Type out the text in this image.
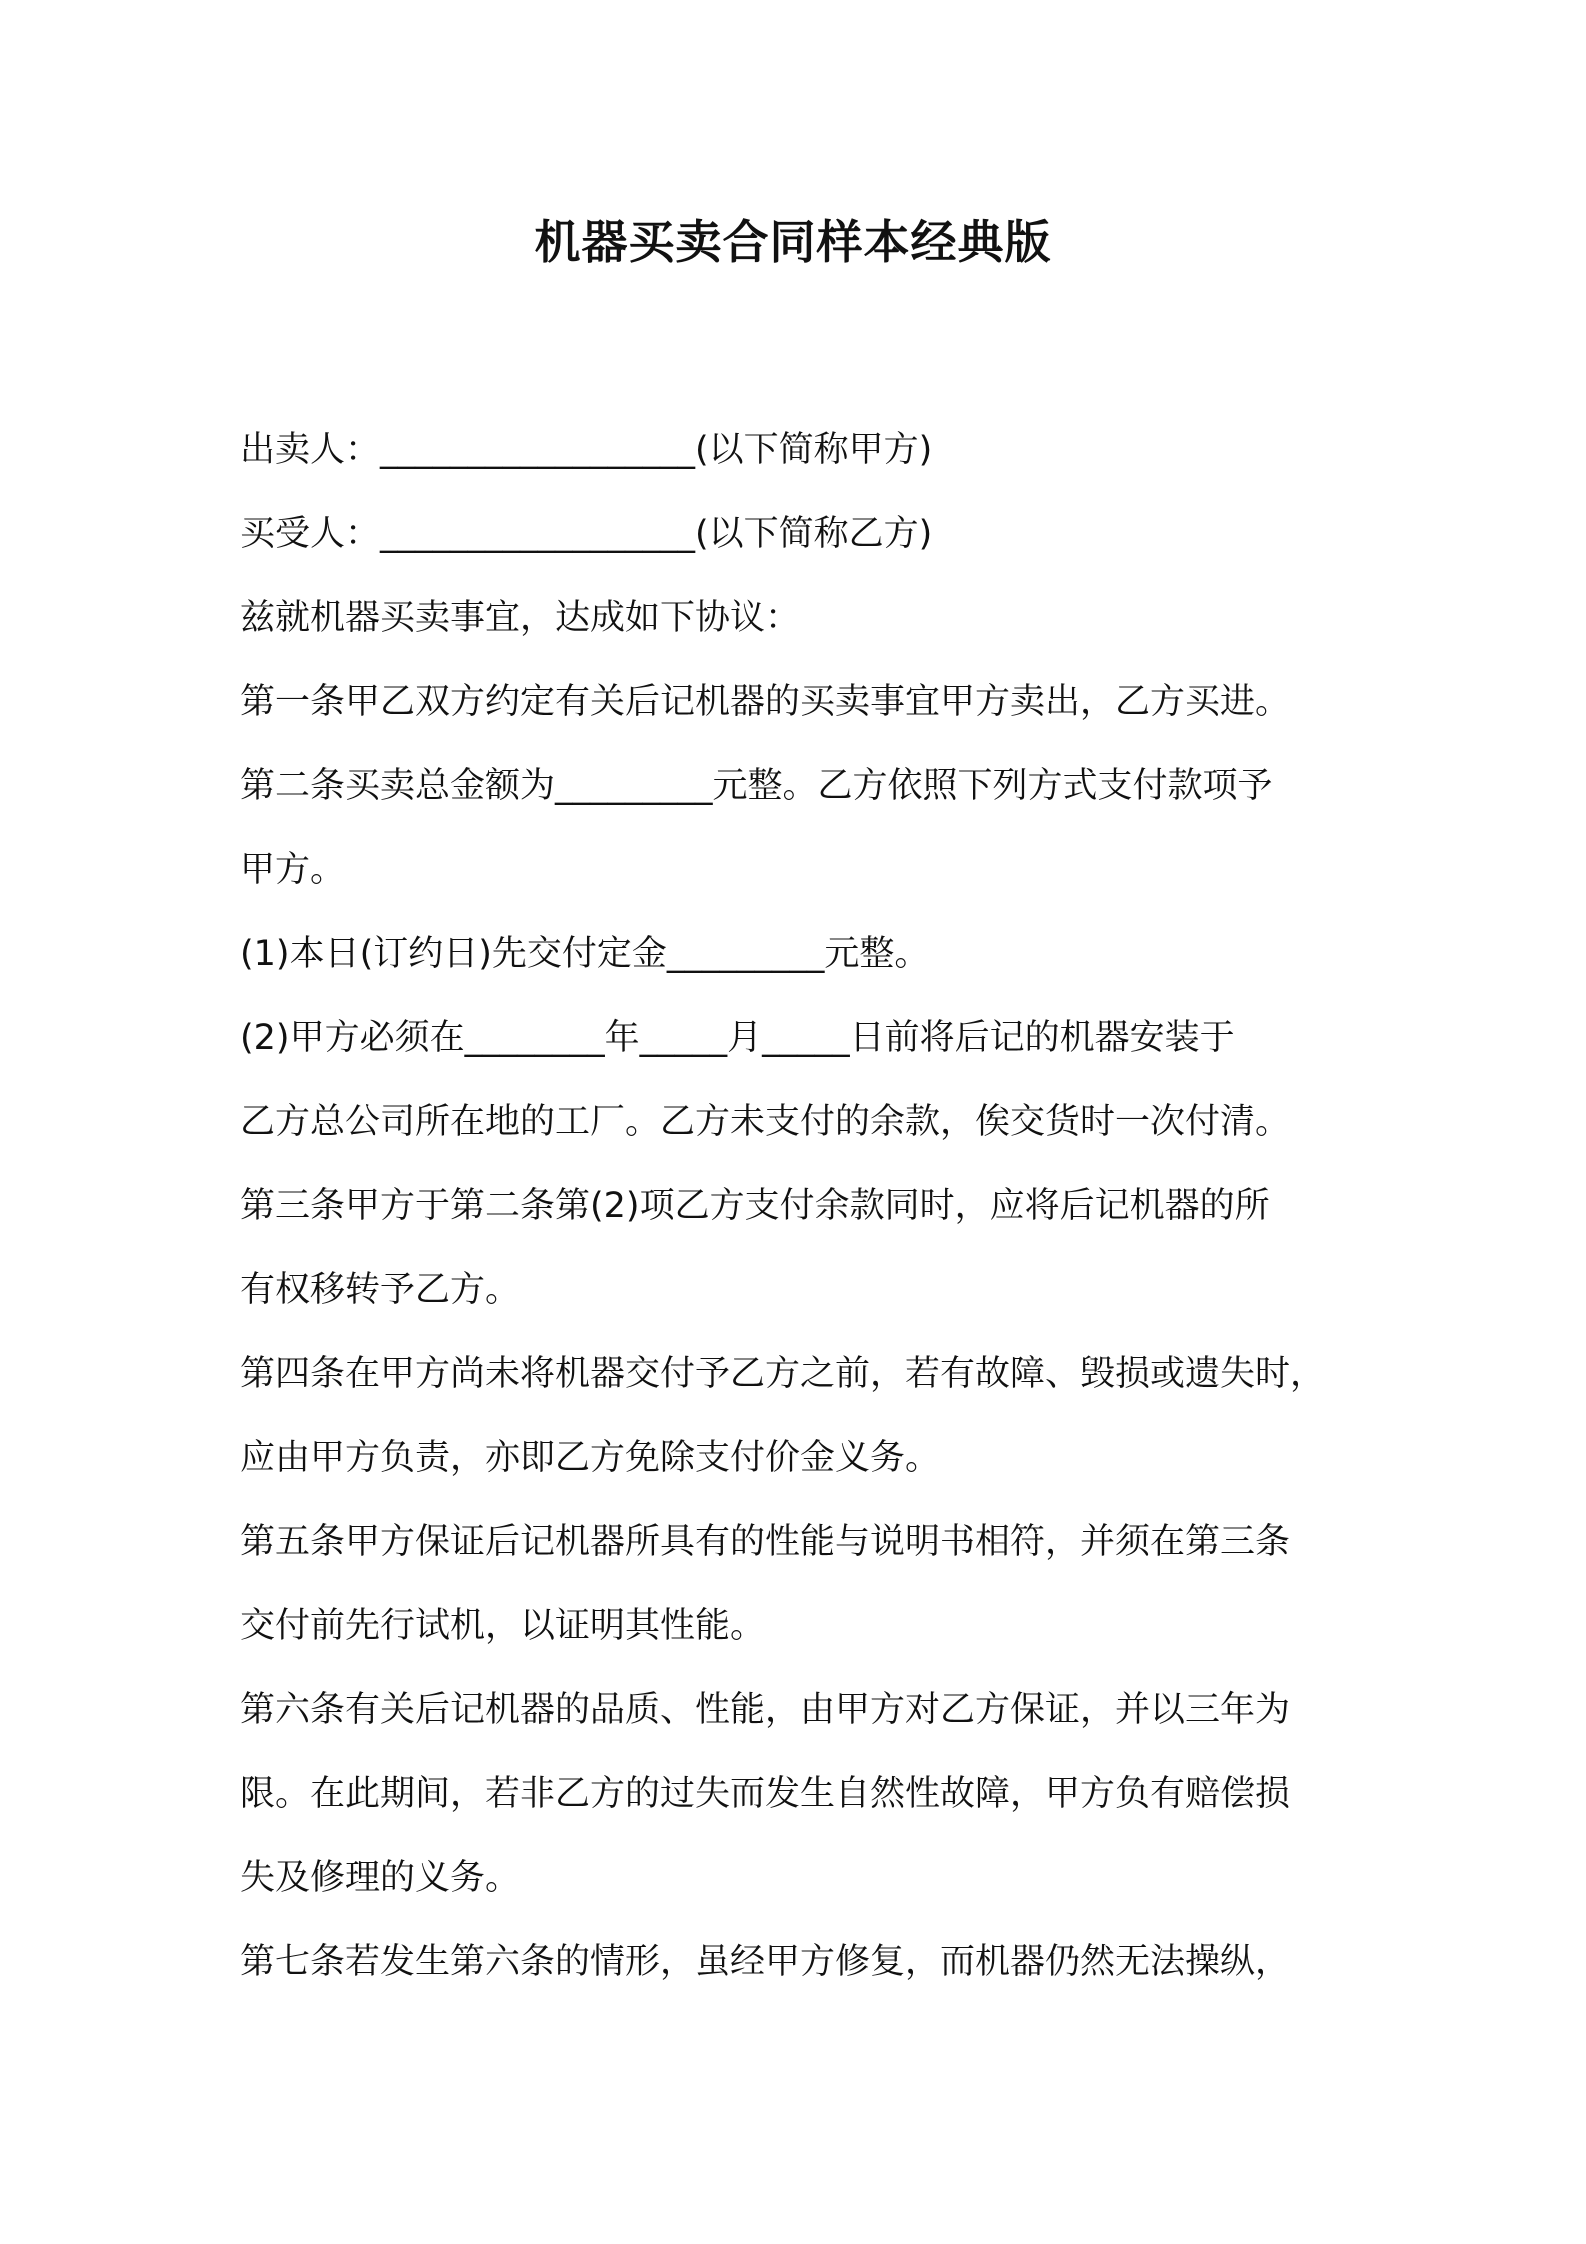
机器买卖合同样本经典版
出卖人：__________________(以下简称甲方)
买受人：__________________(以下简称乙方)
兹就机器买卖事宜，达成如下协议：
第一条甲乙双方约定有关后记机器的买卖事宜甲方卖出，乙方买进。
第二条买卖总金额为_________元整。乙方依照下列方式支付款项予
甲方。
(1)本日(订约日)先交付定金_________元整。
(2)甲方必须在________年_____月_____日前将后记的机器安装于
乙方总公司所在地的工厂。乙方未支付的余款，俟交货时一次付清。
第三条甲方于第二条第(2)项乙方支付余款同时，应将后记机器的所
有权移转予乙方。
第四条在甲方尚未将机器交付予乙方之前，若有故障、毁损或遗失时，
应由甲方负责，亦即乙方免除支付价金义务。
第五条甲方保证后记机器所具有的性能与说明书相符，并须在第三条
交付前先行试机，以证明其性能。
第六条有关后记机器的品质、性能，由甲方对乙方保证，并以三年为
限。在此期间，若非乙方的过失而发生自然性故障，甲方负有赔偿损
失及修理的义务。
第七条若发生第六条的情形，虽经甲方修复，而机器仍然无法操纵，
